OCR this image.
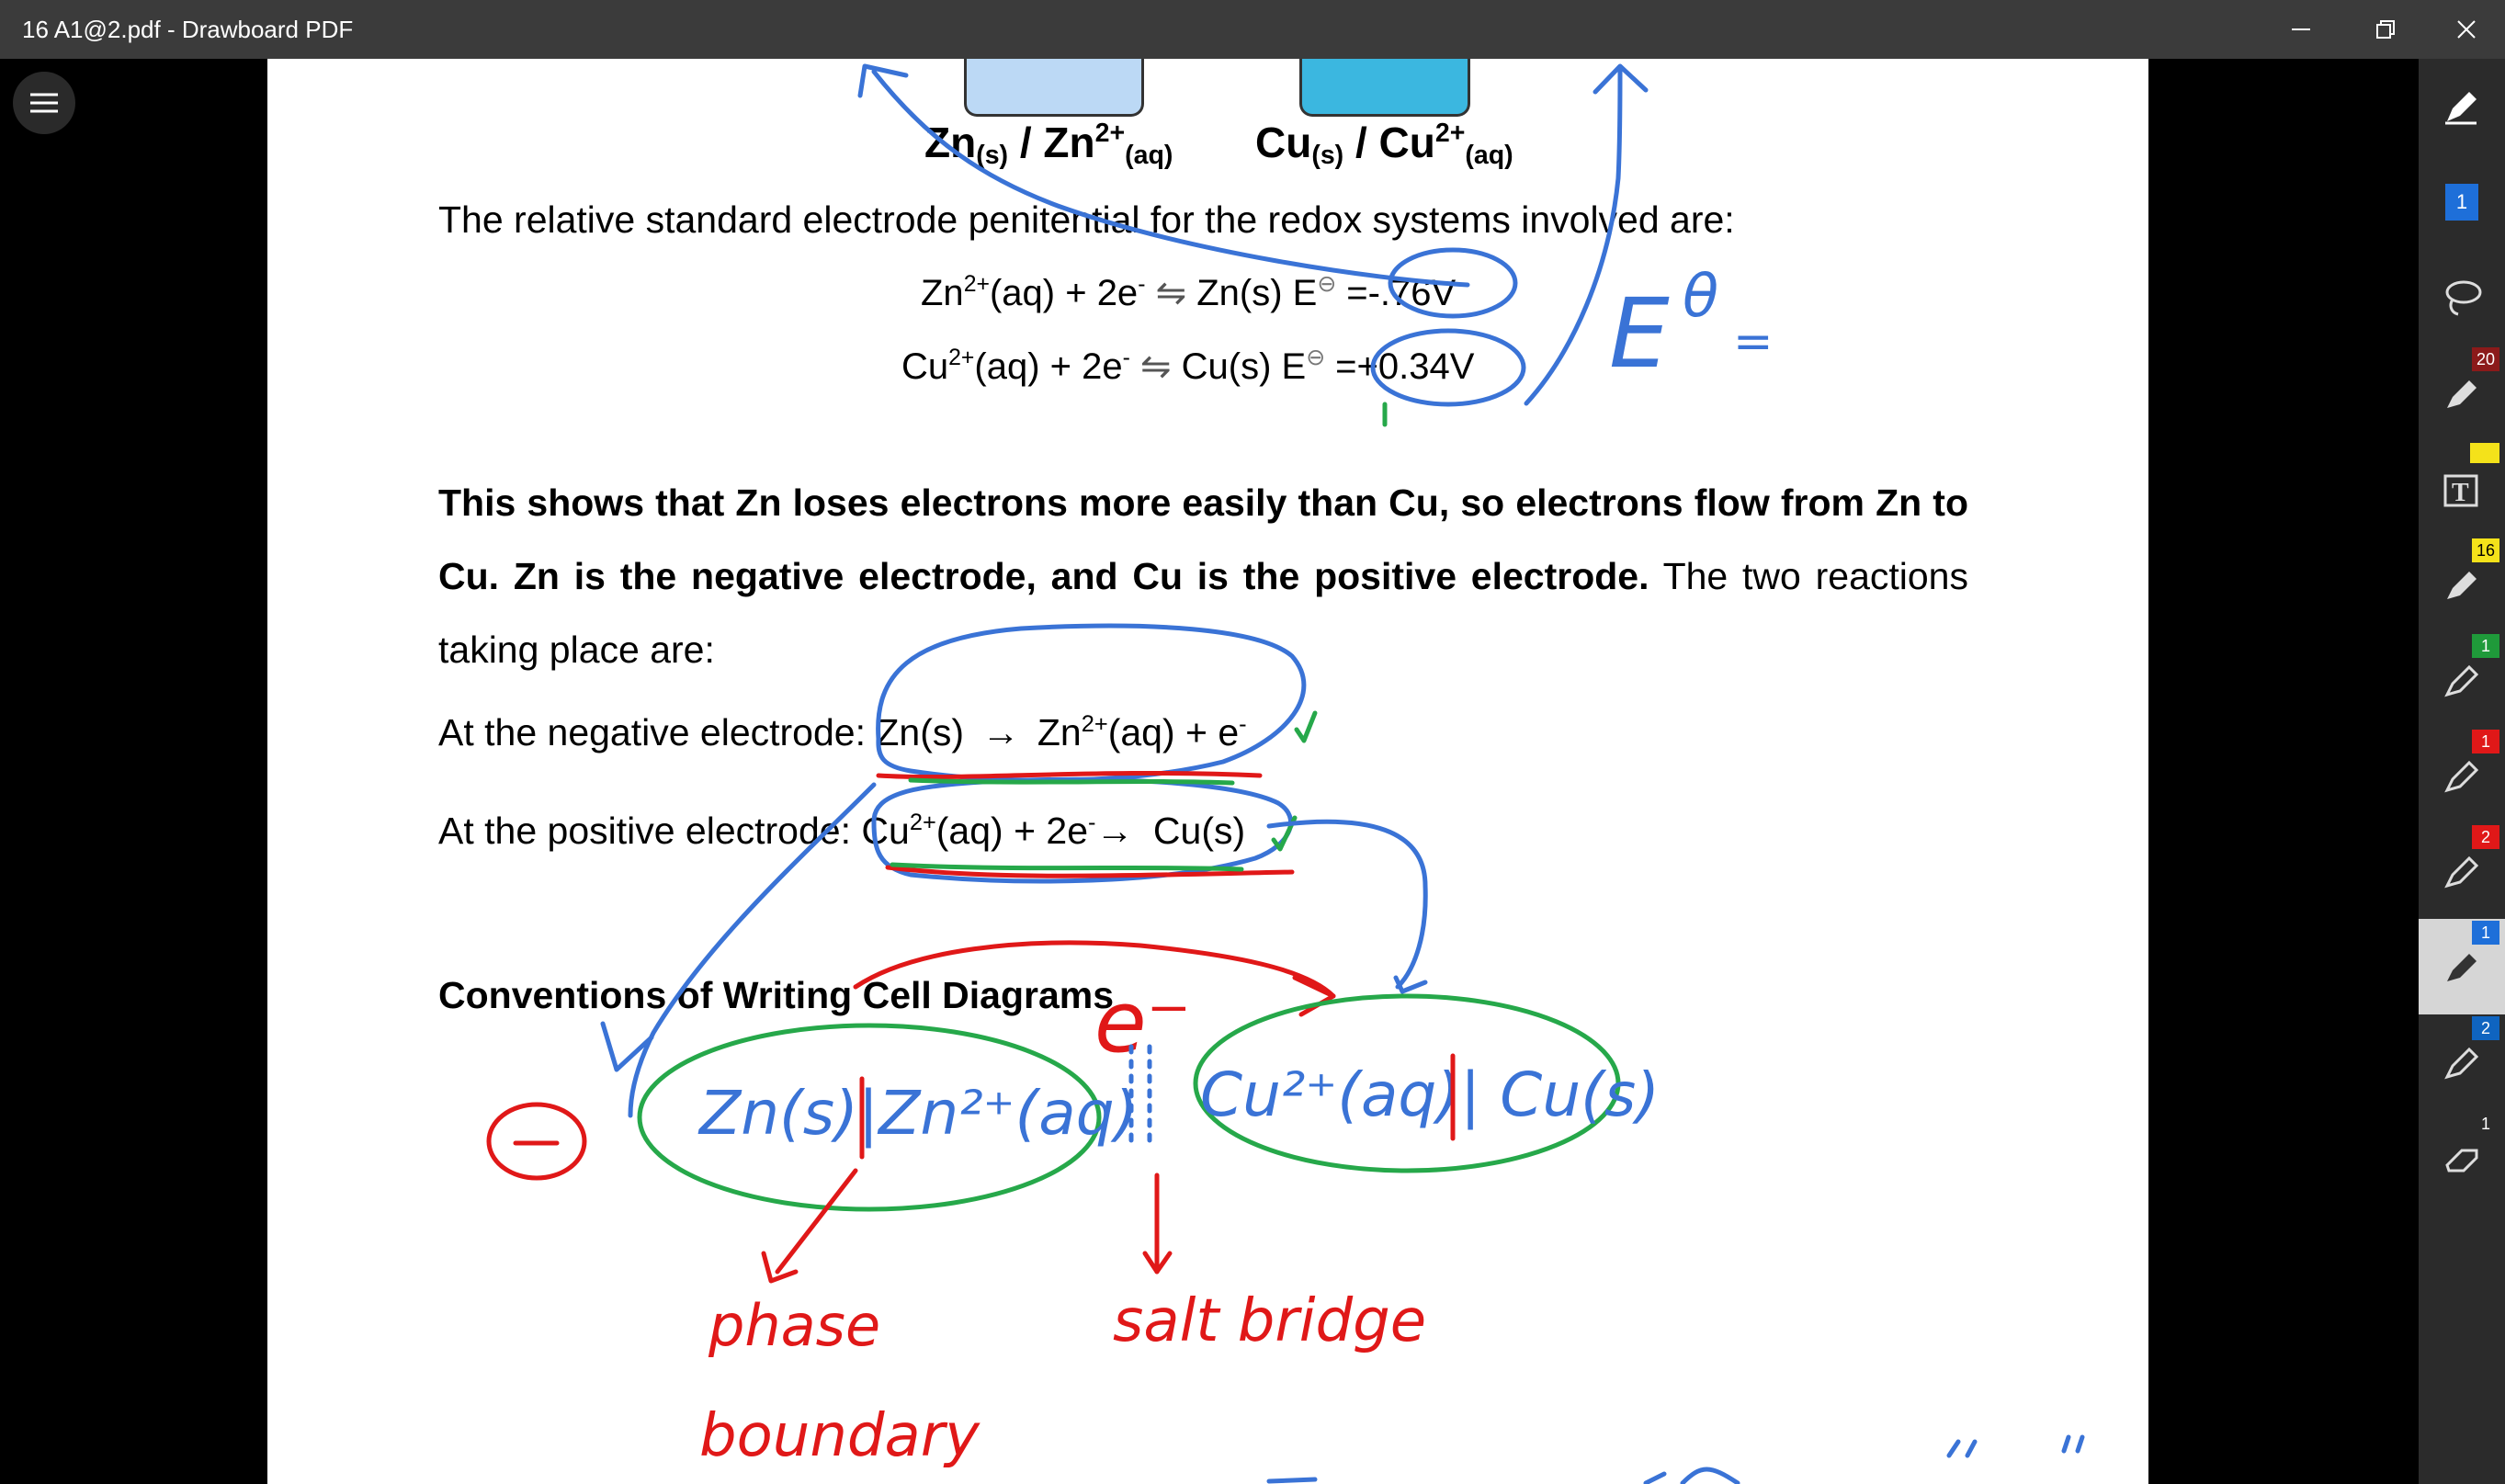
16 A1@2.pdf - Drawboard PDF
$Zn_{(s)} / Zn^{2+}_{(aq)}$ $Cu_{(s)} / Cu^{2+}_{(aq)}$
The relative standard electrode penitential for the redox systems involved are:
$Zn^{2+}(aq) + 2e^-$ ⇋ Zn(s) E⊖ =-.76V
$Cu^{2+}(aq) + 2e^-$ ⇋ Cu(s) E⊖ =+0.34V
This shows that Zn loses electrons more easily than Cu, so electrons flow from Zn to
Cu. Zn is the negative electrode, and Cu is the positive electrode. The two reactions
taking place are:
At the negative electrode: $Zn(s) \to Zn^{2+}(aq) + e^-$
At the positive electrode: $Cu^{2+}(aq) + 2e^-\to Cu(s)$
Conventions of Writing Cell Diagrams
E θ
=
e⁻
Zn(s)|Zn²⁺(aq) Cu²⁺(aq)| Cu(s)
phase
boundary
salt bridge
1
20
T
16
1
1
2
1
2
1
